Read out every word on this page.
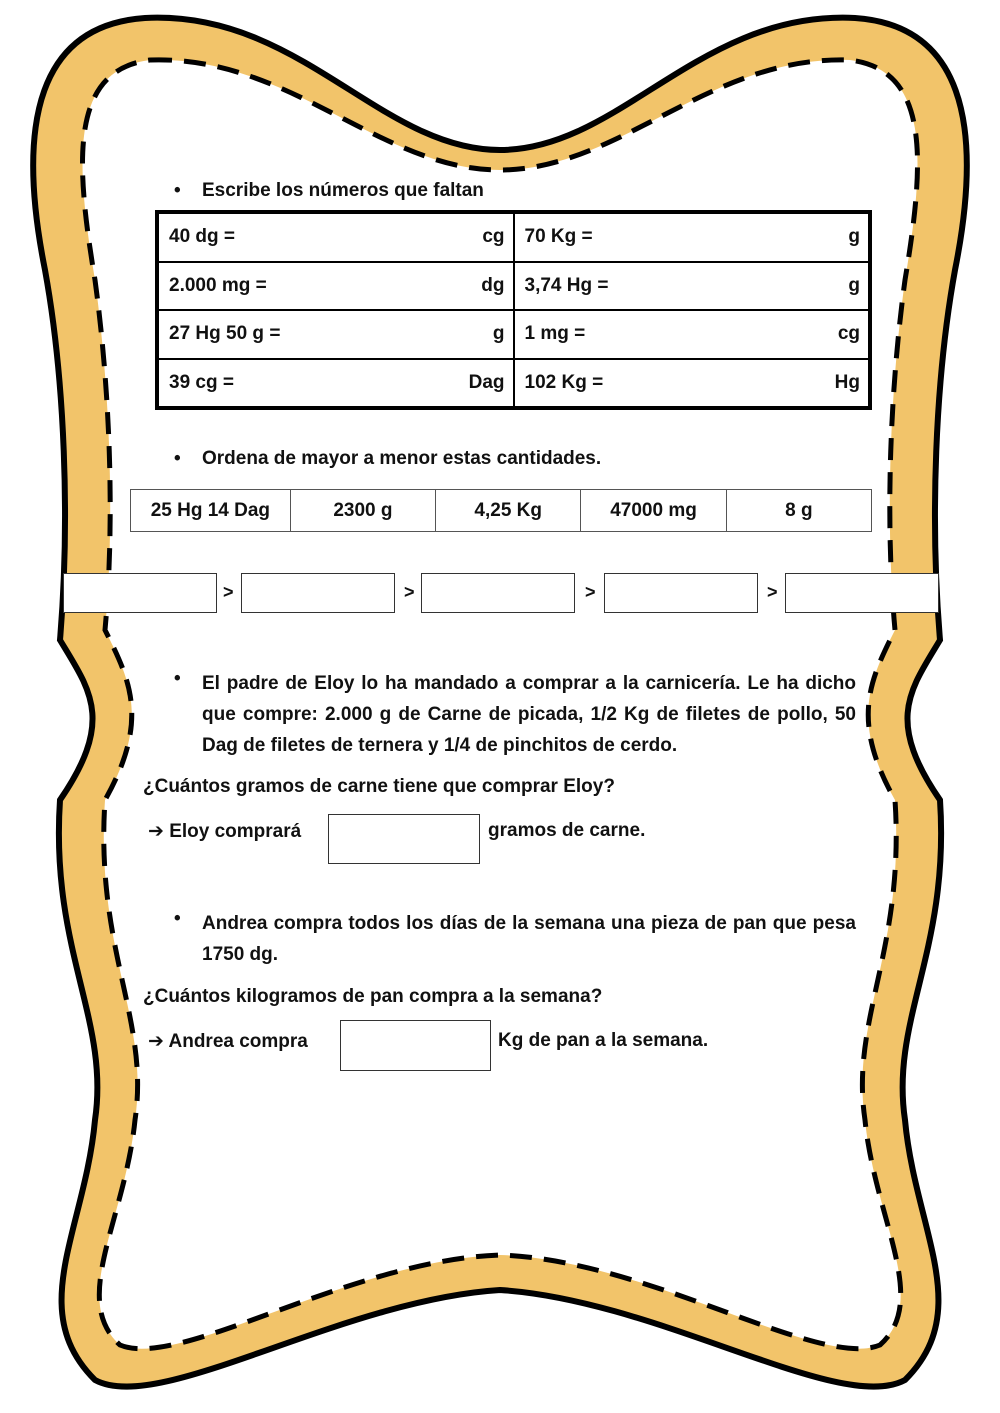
•	Escribe los números que faltan
40 dg =	cg 70 Kg =	g
2.000 mg =	dg 3,74 Hg =	g
27 Hg 50 g =	g 1 mg =	cg
39 cg =	Dag 102 Kg =	Hg
•	Ordena de mayor a menor estas cantidades.
25 Hg 14 Dag	2300 g	4,25 Kg	47000 mg	8 g
>	>	>	>
•	El padre de Eloy lo ha mandado a comprar a la carnicería. Le ha dicho que compre: 2.000 g de Carne de picada, 1/2 Kg de filetes de pollo, 50 Dag de filetes de ternera y 1/4 de pinchitos de cerdo.
¿Cuántos gramos de carne tiene que comprar Eloy?
➔ Eloy comprará	gramos de carne.
•	Andrea compra todos los días de la semana una pieza de pan que pesa 1750 dg.
¿Cuántos kilogramos de pan compra a la semana?
➔ Andrea compra	Kg de pan a la semana.
